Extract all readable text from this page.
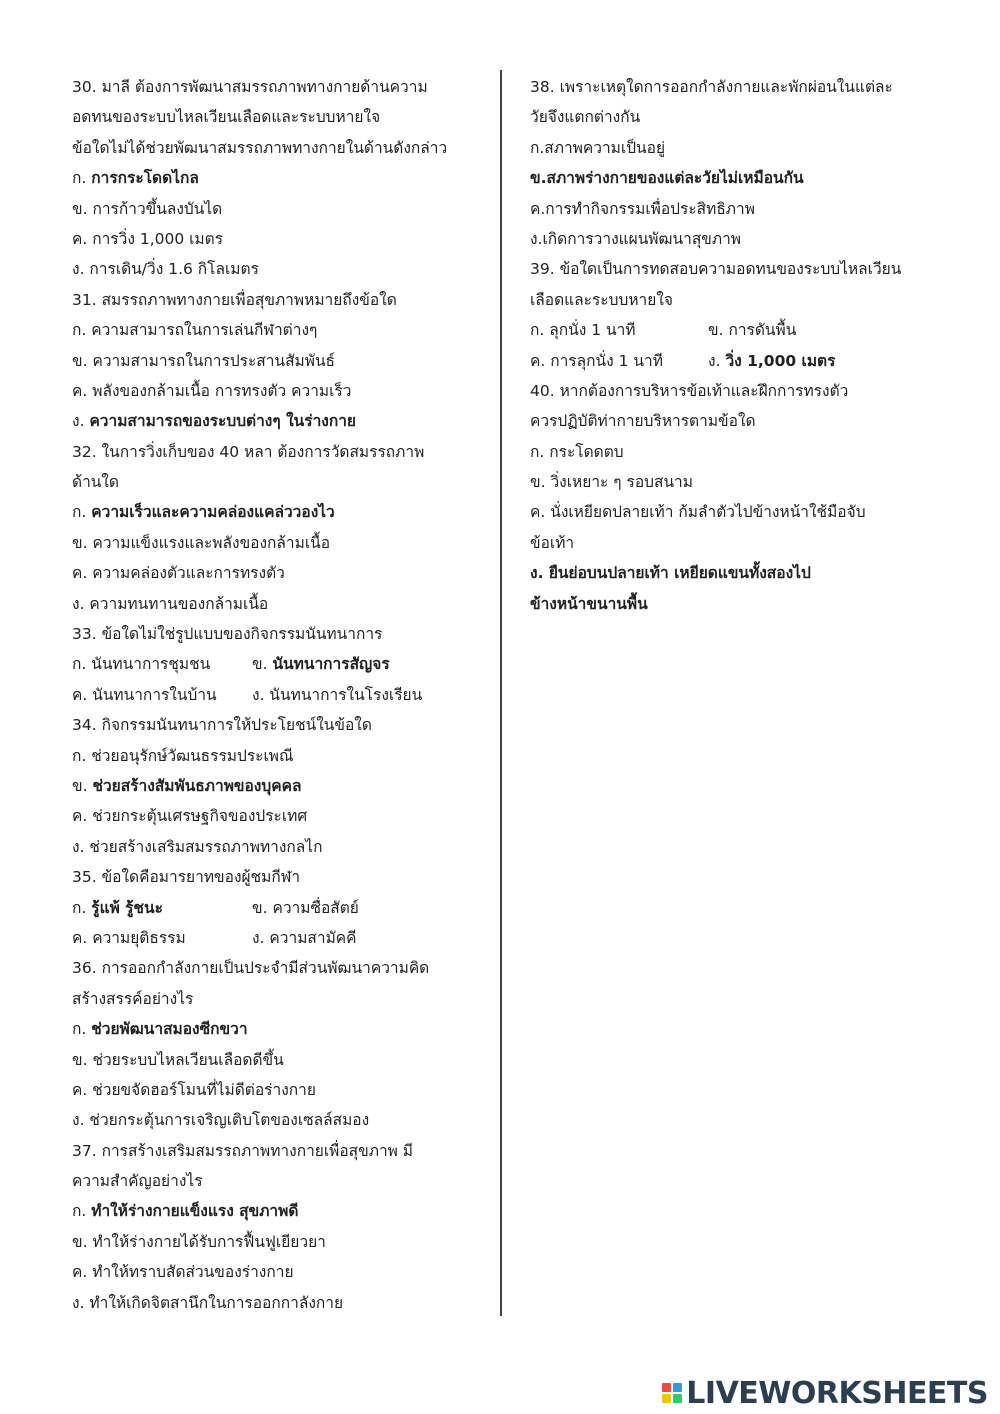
30. มาลี ต้องการพัฒนาสมรรถภาพทางกายด้านความ
อดทนของระบบไหลเวียนเลือดและระบบหายใจ
ข้อใดไม่ได้ช่วยพัฒนาสมรรถภาพทางกายในด้านดังกล่าว
ก. การกระโดดไกล
ข. การก้าวขึ้นลงบันได
ค. การวิ่ง 1,000 เมตร
ง. การเดิน/วิ่ง 1.6 กิโลเมตร
31. สมรรถภาพทางกายเพื่อสุขภาพหมายถึงข้อใด
ก. ความสามารถในการเล่นกีฬาต่างๆ
ข. ความสามารถในการประสานสัมพันธ์
ค. พลังของกล้ามเนื้อ การทรงตัว ความเร็ว
ง. ความสามารถของระบบต่างๆ ในร่างกาย
32. ในการวิ่งเก็บของ 40 หลา ต้องการวัดสมรรถภาพ
ด้านใด
ก. ความเร็วและความคล่องแคล่ววองไว
ข. ความแข็งแรงและพลังของกล้ามเนื้อ
ค. ความคล่องตัวและการทรงตัว
ง. ความทนทานของกล้ามเนื้อ
33. ข้อใดไม่ใช่รูปแบบของกิจกรรมนันทนาการ
ก. นันทนาการชุมชน	ข. นันทนาการสัญจร
ค. นันทนาการในบ้าน ง. นันทนาการในโรงเรียน
34. กิจกรรมนันทนาการให้ประโยชน์ในข้อใด
ก. ช่วยอนุรักษ์วัฒนธรรมประเพณี
ข. ช่วยสร้างสัมพันธภาพของบุคคล
ค. ช่วยกระตุ้นเศรษฐกิจของประเทศ
ง. ช่วยสร้างเสริมสมรรถภาพทางกลไก
35. ข้อใดคือมารยาทของผู้ชมกีฬา
ก. รู้แพ้ รู้ชนะ	ข. ความซื่อสัตย์
ค. ความยุติธรรม	ง. ความสามัคคี
36. การออกกำลังกายเป็นประจำมีส่วนพัฒนาความคิด
สร้างสรรค์อย่างไร
ก. ช่วยพัฒนาสมองซีกขวา
ข. ช่วยระบบไหลเวียนเลือดดีขึ้น
ค. ช่วยขจัดฮอร์โมนที่ไม่ดีต่อร่างกาย
ง. ช่วยกระตุ้นการเจริญเติบโตของเซลล์สมอง
37. การสร้างเสริมสมรรถภาพทางกายเพื่อสุขภาพ มี
ความสำคัญอย่างไร
ก. ทำให้ร่างกายแข็งแรง สุขภาพดี
ข. ทำให้ร่างกายได้รับการฟื้นฟูเยียวยา
ค. ทำให้ทราบสัดส่วนของร่างกาย
ง. ทำให้เกิดจิตสานึกในการออกกาลังกาย
38. เพราะเหตุใดการออกกำลังกายและพักผ่อนในแต่ละ
วัยจึงแตกต่างกัน
ก.สภาพความเป็นอยู่
ข.สภาพร่างกายของแต่ละวัยไม่เหมือนกัน
ค.การทำกิจกรรมเพื่อประสิทธิภาพ
ง.เกิดการวางแผนพัฒนาสุขภาพ
39. ข้อใดเป็นการทดสอบความอดทนของระบบไหลเวียน
เลือดและระบบหายใจ
ก. ลุกนั่ง 1 นาที	ข. การดันพื้น
ค. การลุกนั่ง 1 นาที	ง. วิ่ง 1,000 เมตร
40. หากต้องการบริหารข้อเท้าและฝึกการทรงตัว
ควรปฏิบัติท่ากายบริหารตามข้อใด
ก. กระโดดตบ
ข. วิ่งเหยาะ ๆ รอบสนาม
ค. นั่งเหยียดปลายเท้า ก้มลำตัวไปข้างหน้าใช้มือจับ
ข้อเท้า
ง. ยืนย่อบนปลายเท้า เหยียดแขนทั้งสองไป
ข้างหน้าขนานพื้น
LIVEWORKSHEETS
